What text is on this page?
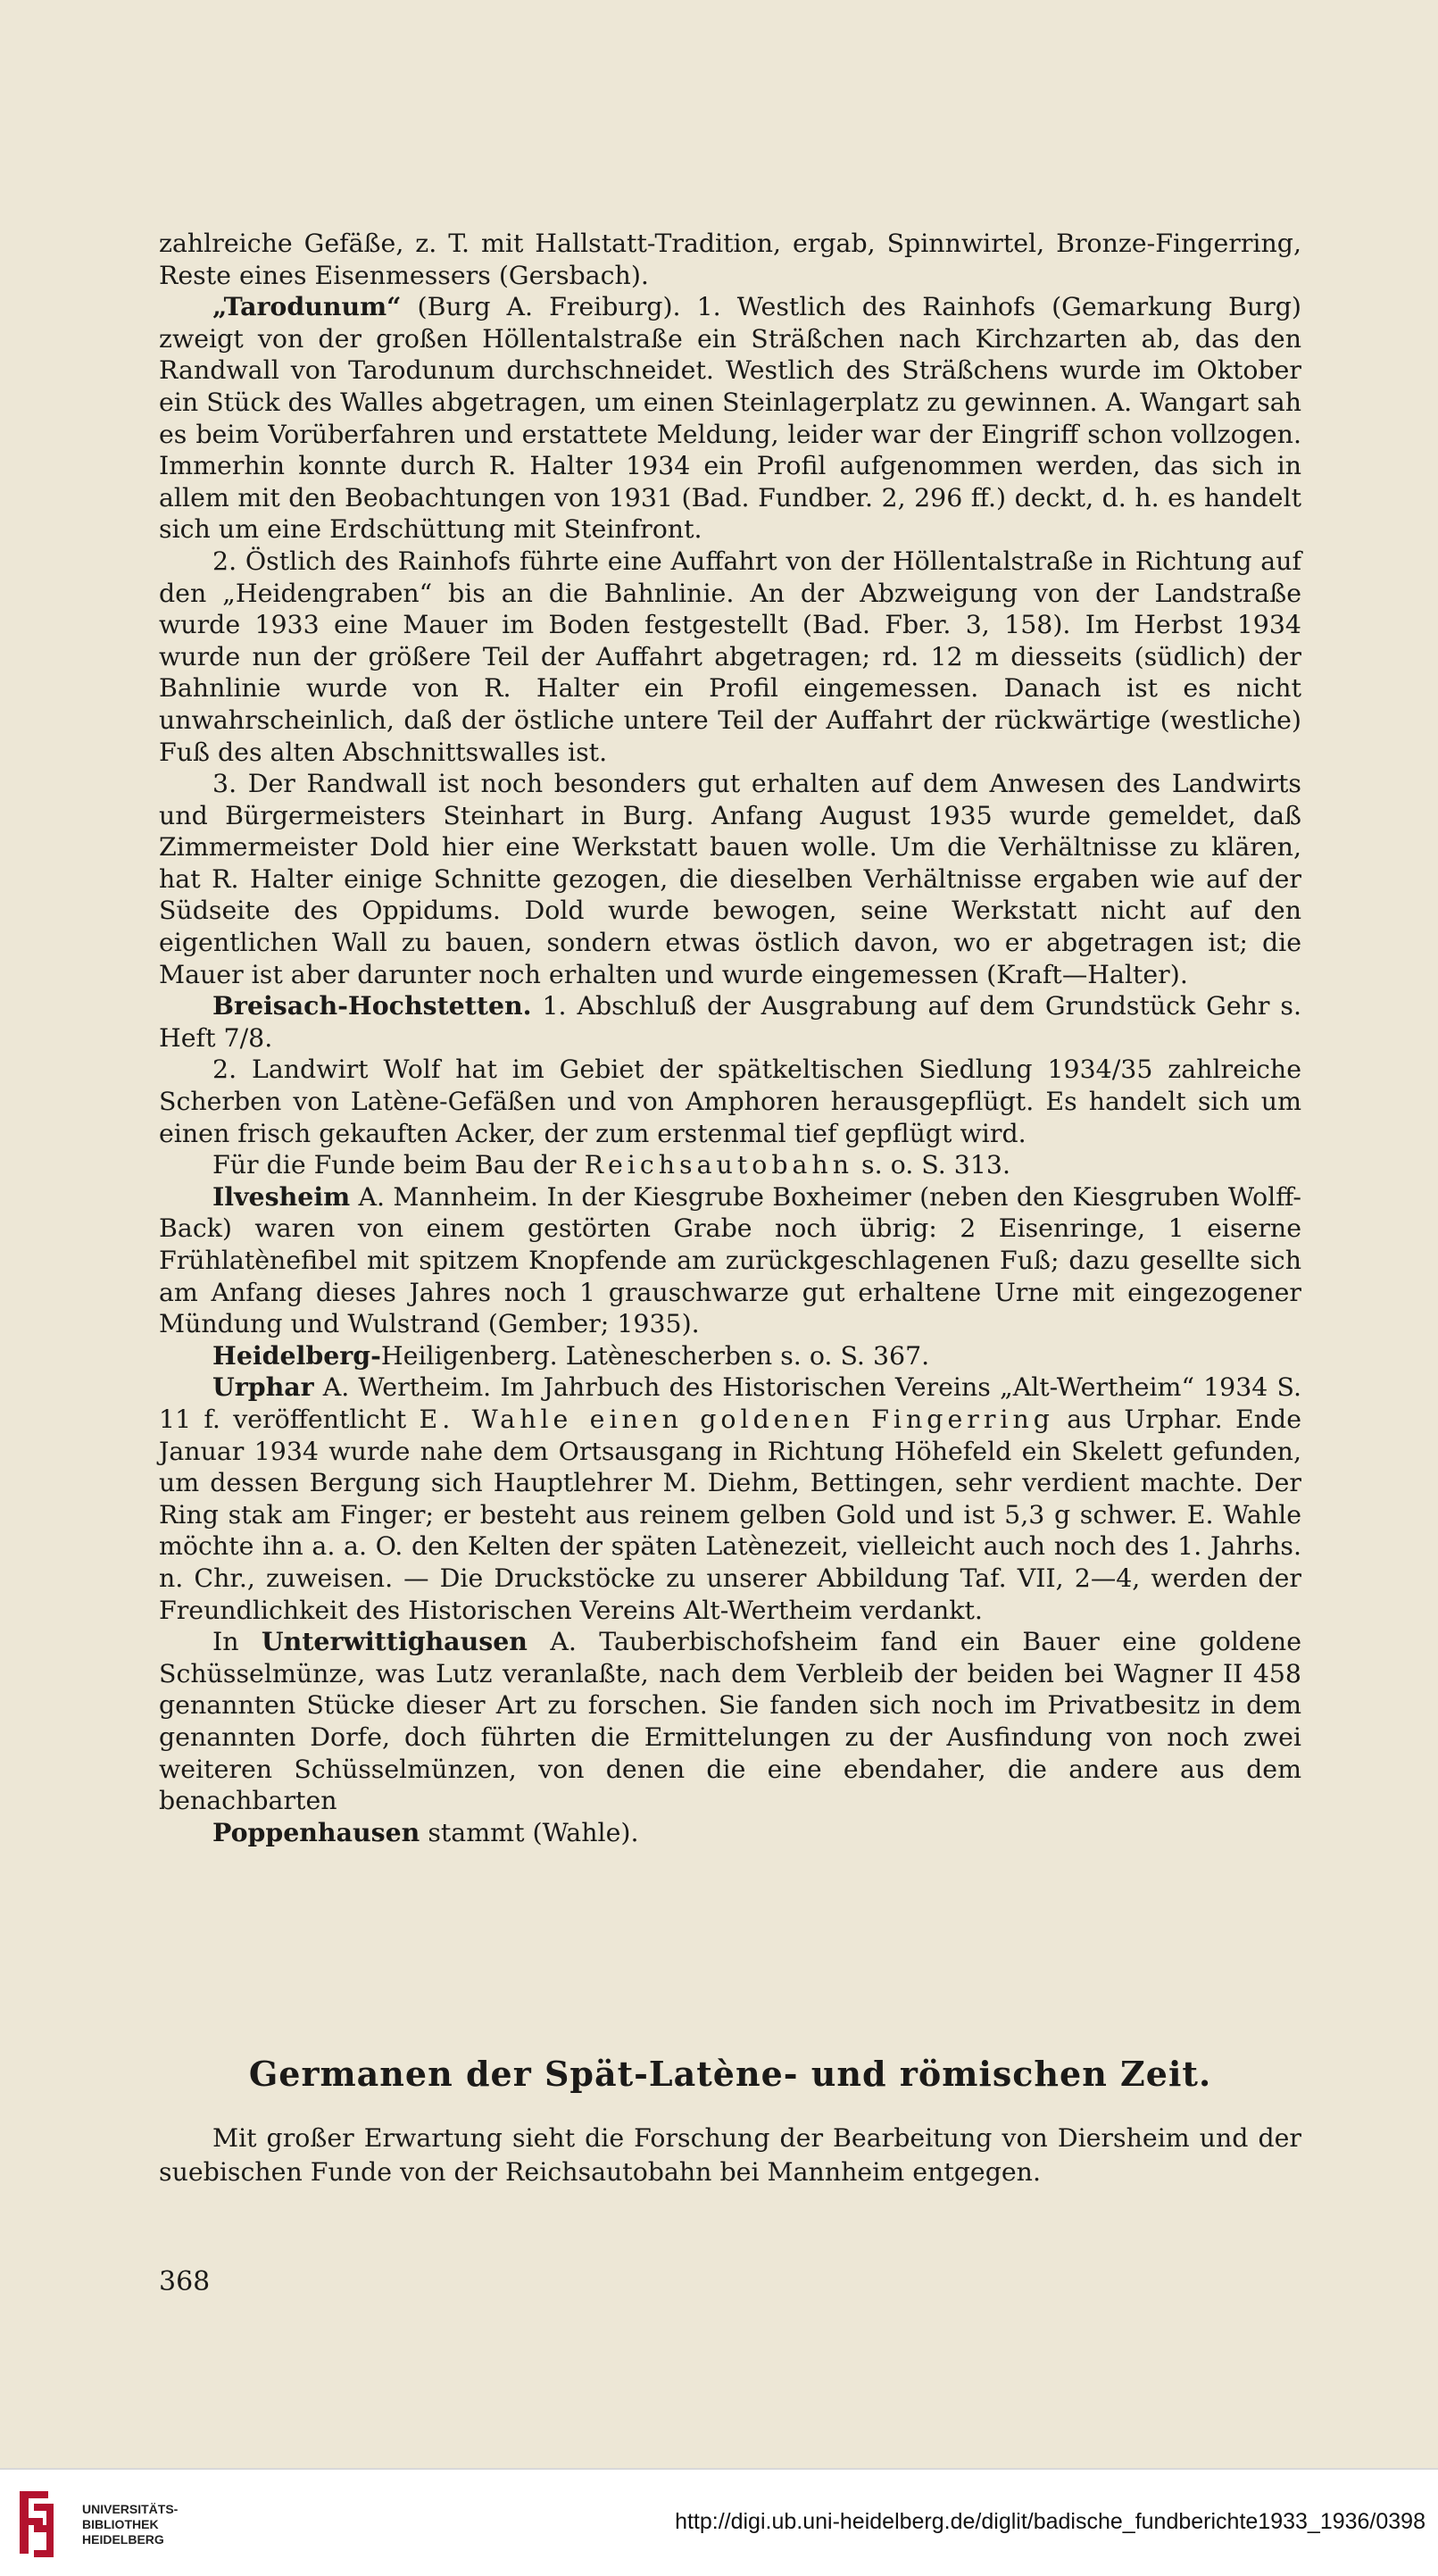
zahlreiche Gefäße, z. T. mit Hallstatt-Tradition, ergab, Spinnwirtel, Bronze-Fingerring, Reste eines Eisenmessers (Gersbach).

„Tarodunum“ (Burg A. Freiburg). 1. Westlich des Rainhofs (Gemarkung Burg) zweigt von der großen Höllentalstraße ein Sträßchen nach Kirchzarten ab, das den Randwall von Tarodunum durchschneidet. Westlich des Sträßchens wurde im Oktober ein Stück des Walles abgetragen, um einen Steinlagerplatz zu gewinnen. A. Wangart sah es beim Vorüberfahren und erstattete Meldung, leider war der Eingriff schon vollzogen. Immerhin konnte durch R. Halter 1934 ein Profil aufgenommen werden, das sich in allem mit den Beobachtungen von 1931 (Bad. Fundber. 2, 296 ff.) deckt, d. h. es handelt sich um eine Erdschüttung mit Steinfront.

2. Östlich des Rainhofs führte eine Auffahrt von der Höllentalstraße in Richtung auf den „Heidengraben“ bis an die Bahnlinie. An der Abzweigung von der Landstraße wurde 1933 eine Mauer im Boden festgestellt (Bad. Fber. 3, 158). Im Herbst 1934 wurde nun der größere Teil der Auffahrt abgetragen; rd. 12 m diesseits (südlich) der Bahnlinie wurde von R. Halter ein Profil eingemessen. Danach ist es nicht unwahrscheinlich, daß der östliche untere Teil der Auffahrt der rückwärtige (westliche) Fuß des alten Abschnittswalles ist.

3. Der Randwall ist noch besonders gut erhalten auf dem Anwesen des Landwirts und Bürgermeisters Steinhart in Burg. Anfang August 1935 wurde gemeldet, daß Zimmermeister Dold hier eine Werkstatt bauen wolle. Um die Verhältnisse zu klären, hat R. Halter einige Schnitte gezogen, die dieselben Verhältnisse ergaben wie auf der Südseite des Oppidums. Dold wurde bewogen, seine Werkstatt nicht auf den eigentlichen Wall zu bauen, sondern etwas östlich davon, wo er abgetragen ist; die Mauer ist aber darunter noch erhalten und wurde eingemessen (Kraft—Halter).

Breisach-Hochstetten. 1. Abschluß der Ausgrabung auf dem Grundstück Gehr s. Heft 7/8.

2. Landwirt Wolf hat im Gebiet der spätkeltischen Siedlung 1934/35 zahlreiche Scherben von Latène-Gefäßen und von Amphoren herausgepflügt. Es handelt sich um einen frisch gekauften Acker, der zum erstenmal tief gepflügt wird.

Für die Funde beim Bau der Reichsautobahn s. o. S. 313.

Ilvesheim A. Mannheim. In der Kiesgrube Boxheimer (neben den Kiesgruben Wolff-Back) waren von einem gestörten Grabe noch übrig: 2 Eisenringe, 1 eiserne Frühlatènefibel mit spitzem Knopfende am zurückgeschlagenen Fuß; dazu gesellte sich am Anfang dieses Jahres noch 1 grauschwarze gut erhaltene Urne mit eingezogener Mündung und Wulstrand (Gember; 1935).

Heidelberg-Heiligenberg. Latènescherben s. o. S. 367.

Urphar A. Wertheim. Im Jahrbuch des Historischen Vereins „Alt-Wertheim“ 1934 S. 11 f. veröffentlicht E. Wahle einen goldenen Fingerring aus Urphar. Ende Januar 1934 wurde nahe dem Ortsausgang in Richtung Höhefeld ein Skelett gefunden, um dessen Bergung sich Hauptlehrer M. Diehm, Bettingen, sehr verdient machte. Der Ring stak am Finger; er besteht aus reinem gelben Gold und ist 5,3 g schwer. E. Wahle möchte ihn a. a. O. den Kelten der späten Latènezeit, vielleicht auch noch des 1. Jahrhs. n. Chr., zuweisen. — Die Druckstöcke zu unserer Abbildung Taf. VII, 2—4, werden der Freundlichkeit des Historischen Vereins Alt-Wertheim verdankt.

In Unterwittighausen A. Tauberbischofsheim fand ein Bauer eine goldene Schüsselmünze, was Lutz veranlaßte, nach dem Verbleib der beiden bei Wagner II 458 genannten Stücke dieser Art zu forschen. Sie fanden sich noch im Privatbesitz in dem genannten Dorfe, doch führten die Ermittelungen zu der Ausfindung von noch zwei weiteren Schüsselmünzen, von denen die eine ebendaher, die andere aus dem benachbarten

Poppenhausen stammt (Wahle).

Germanen der Spät-Latène- und römischen Zeit.

Mit großer Erwartung sieht die Forschung der Bearbeitung von Diersheim und der suebischen Funde von der Reichsautobahn bei Mannheim entgegen.

368
UNIVERSITÄTS-
BIBLIOTHEK
HEIDELBERG
http://digi.ub.uni-heidelberg.de/diglit/badische_fundberichte1933_1936/0398
